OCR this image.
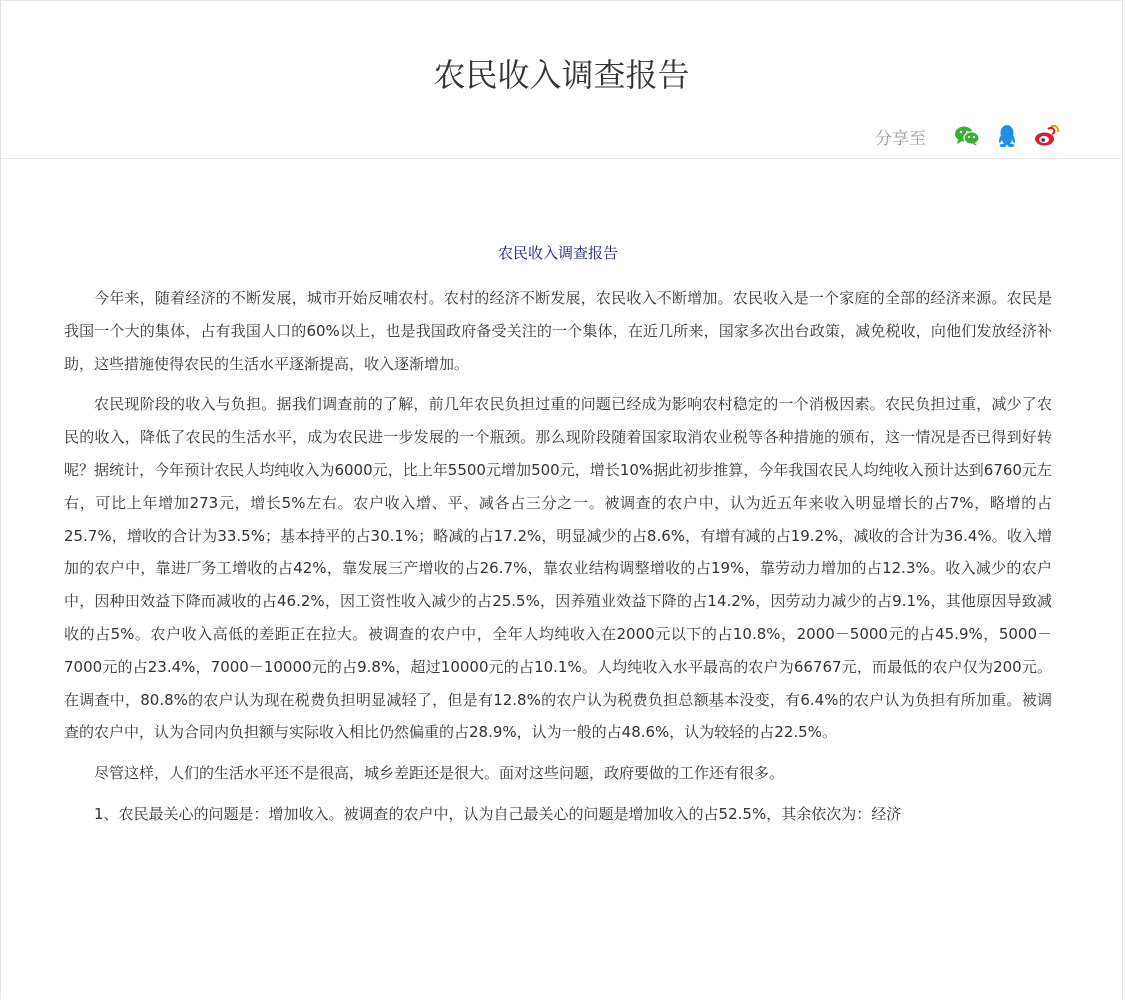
农民收入调查报告
分享至
农民收入调查报告

今年来，随着经济的不断发展，城市开始反哺农村。农村的经济不断发展，农民收入不断增加。农民收入是一个家庭的全部的经济来源。农民是我国一个大的集体，占有我国人口的60%以上，也是我国政府备受关注的一个集体，在近几所来，国家多次出台政策，减免税收，向他们发放经济补助，这些措施使得农民的生活水平逐渐提高，收入逐渐增加。

农民现阶段的收入与负担。据我们调查前的了解，前几年农民负担过重的问题已经成为影响农村稳定的一个消极因素。农民负担过重，减少了农民的收入，降低了农民的生活水平，成为农民进一步发展的一个瓶颈。那么现阶段随着国家取消农业税等各种措施的颁布，这一情况是否已得到好转呢？据统计，今年预计农民人均纯收入为6000元，比上年5500元增加500元，增长10%据此初步推算，今年我国农民人均纯收入预计达到6760元左右，可比上年增加273元，增长5%左右。农户收入增、平、减各占三分之一。被调查的农户中，认为近五年来收入明显增长的占7%，略增的占25.7%，增收的合计为33.5%；基本持平的占30.1%；略减的占17.2%，明显减少的占8.6%，有增有减的占19.2%，减收的合计为36.4%。收入增加的农户中，靠进厂务工增收的占42%，靠发展三产增收的占26.7%，靠农业结构调整增收的占19%，靠劳动力增加的占12.3%。收入减少的农户中，因种田效益下降而减收的占46.2%，因工资性收入减少的占25.5%，因养殖业效益下降的占14.2%，因劳动力减少的占9.1%，其他原因导致减收的占5%。农户收入高低的差距正在拉大。被调查的农户中，全年人均纯收入在2000元以下的占10.8%，2000－5000元的占45.9%，5000－7000元的占23.4%，7000－10000元的占9.8%，超过10000元的占10.1%。人均纯收入水平最高的农户为66767元，而最低的农户仅为200元。在调查中，80.8%的农户认为现在税费负担明显减轻了，但是有12.8%的农户认为税费负担总额基本没变，有6.4%的农户认为负担有所加重。被调查的农户中，认为合同内负担额与实际收入相比仍然偏重的占28.9%，认为一般的占48.6%，认为较轻的占22.5%。

尽管这样，人们的生活水平还不是很高，城乡差距还是很大。面对这些问题，政府要做的工作还有很多。

1、农民最关心的问题是：增加收入。被调查的农户中，认为自己最关心的问题是增加收入的占52.5%，其余依次为：经济
